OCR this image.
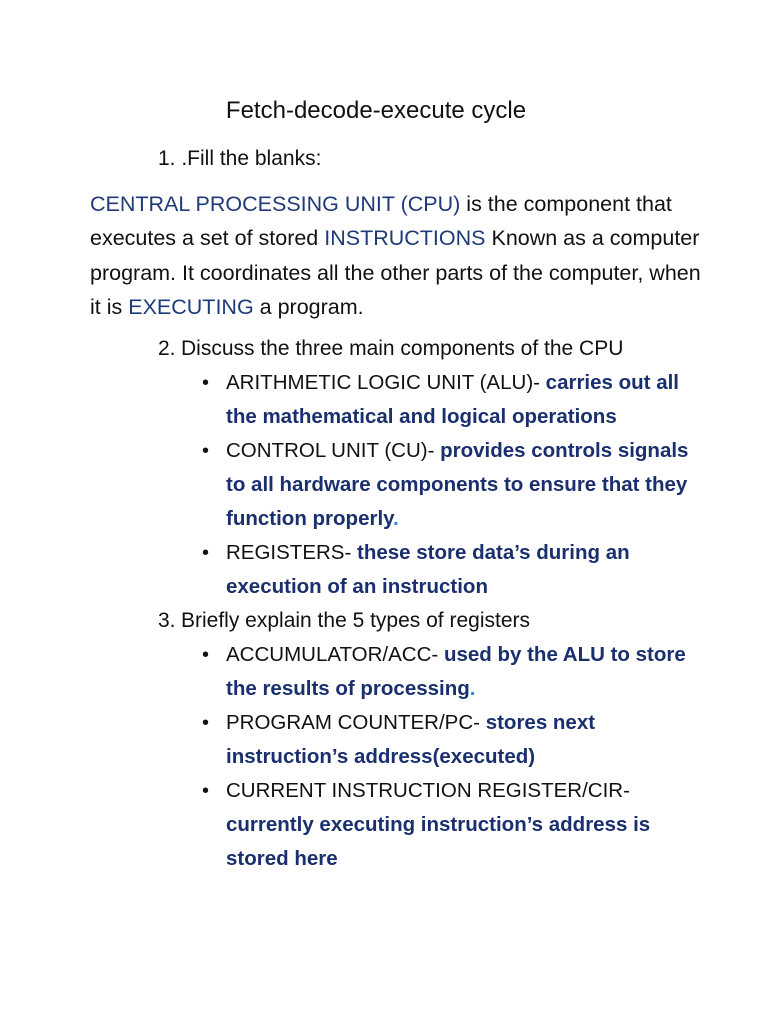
Fetch-decode-execute cycle
1. .Fill the blanks:
CENTRAL PROCESSING UNIT (CPU) is the component that executes a set of stored INSTRUCTIONS Known as a computer program. It coordinates all the other parts of the computer, when it is EXECUTING a program.
2. Discuss the three main components of the CPU
• ARITHMETIC LOGIC UNIT (ALU)- carries out all the mathematical and logical operations
• CONTROL UNIT (CU)- provides controls signals to all hardware components to ensure that they function properly.
• REGISTERS- these store data’s during an execution of an instruction
3. Briefly explain the 5 types of registers
• ACCUMULATOR/ACC- used by the ALU to store the results of processing.
• PROGRAM COUNTER/PC- stores next instruction’s address(executed)
• CURRENT INSTRUCTION REGISTER/CIR-
currently executing instruction’s address is stored here
